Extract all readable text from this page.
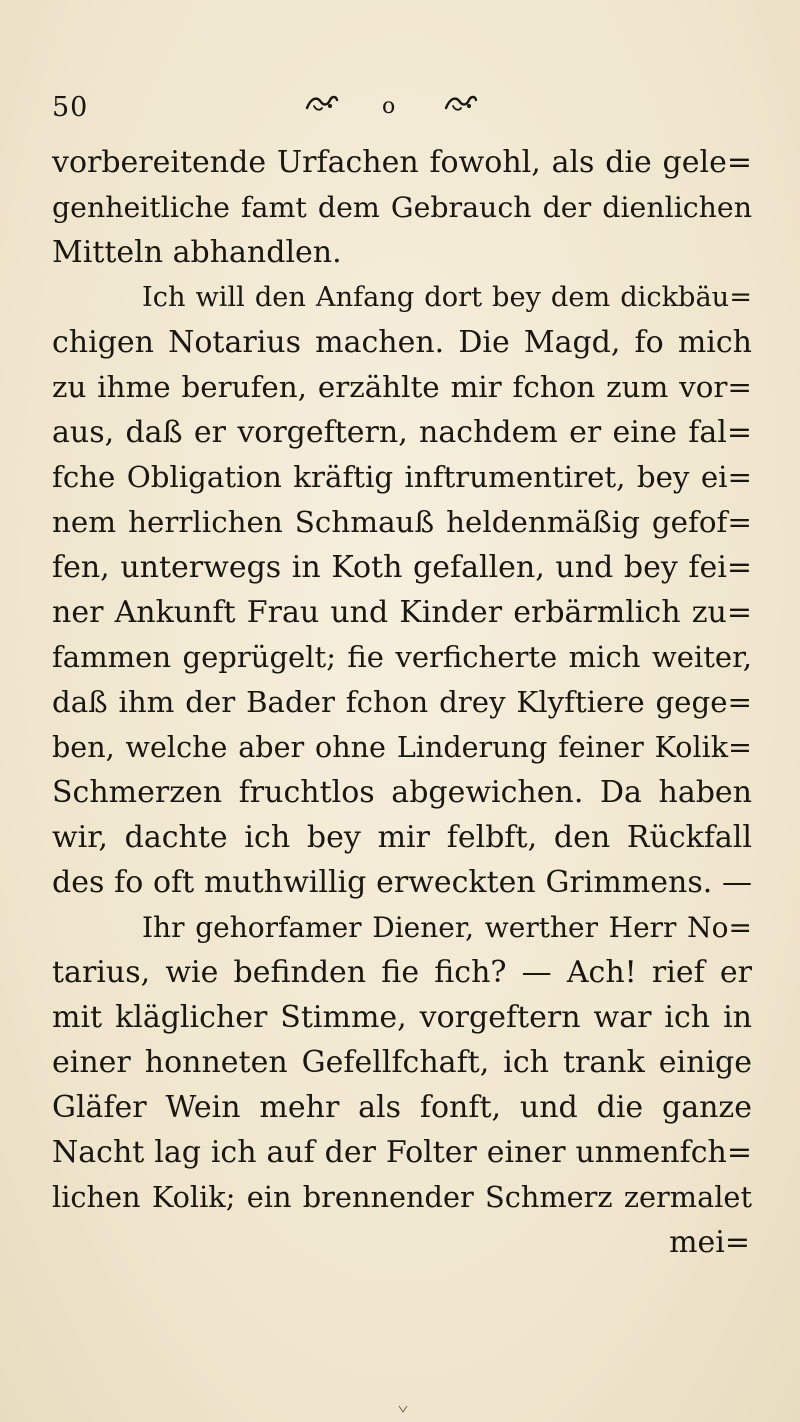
50	o
vorbereitende Urfachen fowohl, als die gele=
genheitliche famt dem Gebrauch der dienlichen
Mitteln abhandlen.
Ich will den Anfang dort bey dem dickbäu=
chigen Notarius machen. Die Magd, fo mich
zu ihme berufen, erzählte mir fchon zum vor=
aus, daß er vorgeftern, nachdem er eine fal=
fche Obligation kräftig inftrumentiret, bey ei=
nem herrlichen Schmauß heldenmäßig gefof=
fen, unterwegs in Koth gefallen, und bey fei=
ner Ankunft Frau und Kinder erbärmlich zu=
fammen geprügelt; fie verficherte mich weiter,
daß ihm der Bader fchon drey Klyftiere gege=
ben, welche aber ohne Linderung feiner Kolik=
Schmerzen fruchtlos abgewichen. Da haben
wir, dachte ich bey mir felbft, den Rückfall
des fo oft muthwillig erweckten Grimmens. —
Ihr gehorfamer Diener, werther Herr No=
tarius, wie befinden fie fich? — Ach! rief er
mit kläglicher Stimme, vorgeftern war ich in
einer honneten Gefellfchaft, ich trank einige
Gläfer Wein mehr als fonft, und die ganze
Nacht lag ich auf der Folter einer unmenfch=
lichen Kolik; ein brennender Schmerz zermalet
mei=
